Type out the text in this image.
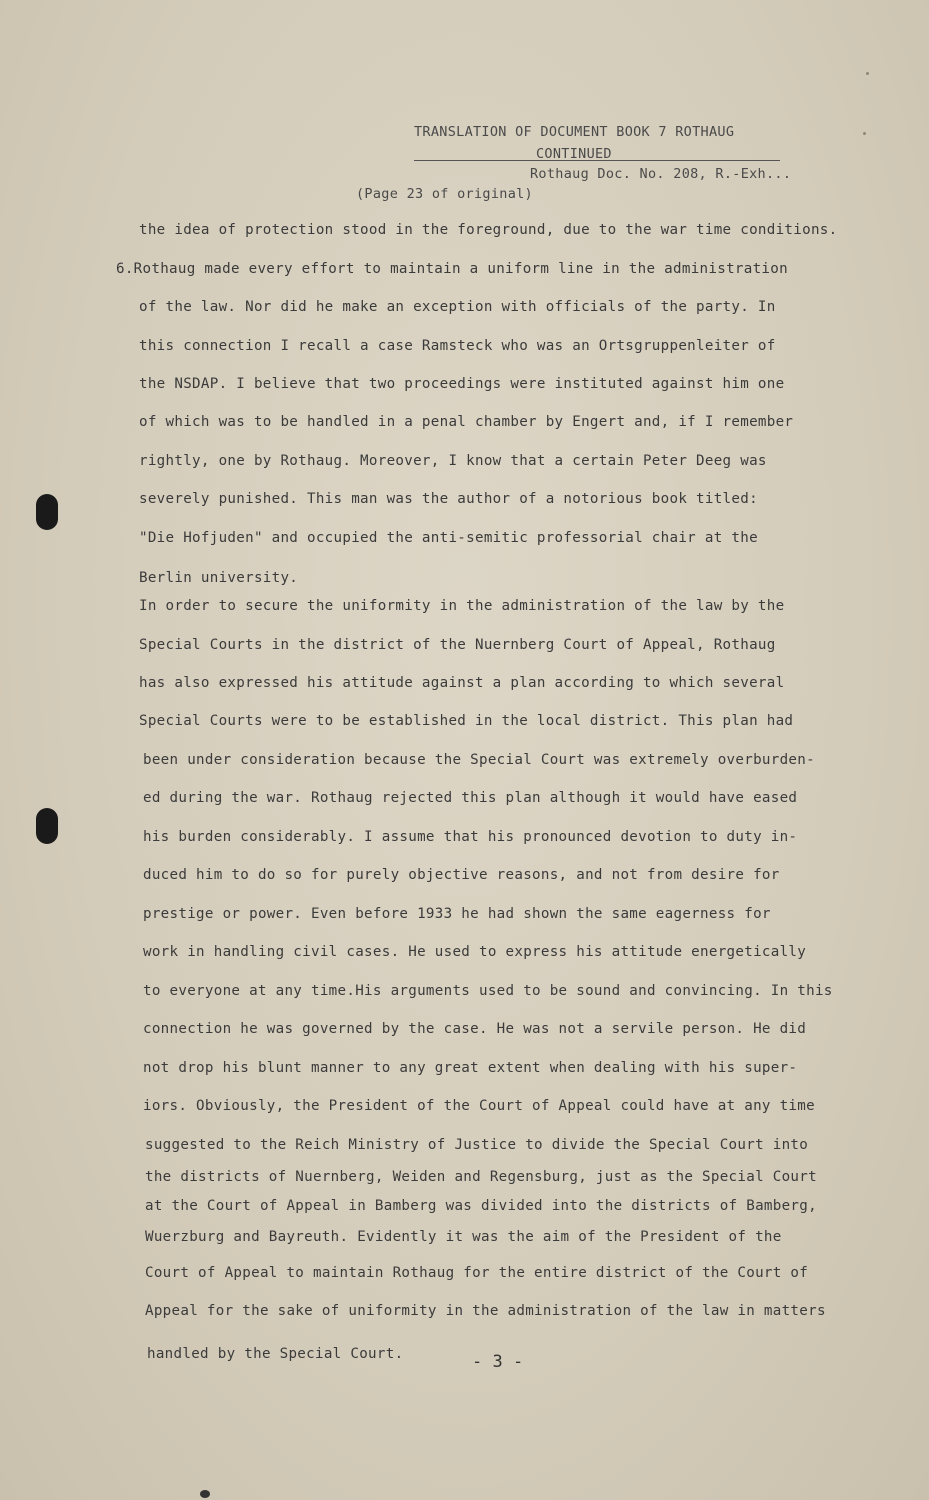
TRANSLATION OF DOCUMENT BOOK 7 ROTHAUG
CONTINUED
Rothaug Doc. No. 208, R.-Exh...
(Page 23 of original)
the idea of protection stood in the foreground, due to the war time conditions.
6.Rothaug made every effort to maintain a uniform line in the administration
of the law. Nor did he make an exception with officials of the party. In
this connection I recall a case Ramsteck who was an Ortsgruppenleiter of
the NSDAP. I believe that two proceedings were instituted against him one
of which was to be handled in a penal chamber by Engert and, if I remember
rightly, one by Rothaug. Moreover, I know that a certain Peter Deeg was
severely punished. This man was the author of a notorious book titled:
"Die Hofjuden" and occupied the anti-semitic professorial chair at the
Berlin university.
In order to secure the uniformity in the administration of the law by the
Special Courts in the district of the Nuernberg Court of Appeal, Rothaug
has also expressed his attitude against a plan according to which several
Special Courts were to be established in the local district. This plan had
been under consideration because the Special Court was extremely overburden-
ed during the war. Rothaug rejected this plan although it would have eased
his burden considerably. I assume that his pronounced devotion to duty in-
duced him to do so for purely objective reasons, and not from desire for
prestige or power. Even before 1933 he had shown the same eagerness for
work in handling civil cases. He used to express his attitude energetically
to everyone at any time.His arguments used to be sound and convincing. In this
connection he was governed by the case. He was not a servile person. He did
not drop his blunt manner to any great extent when dealing with his super-
iors. Obviously, the President of the Court of Appeal could have at any time
suggested to the Reich Ministry of Justice to divide the Special Court into
the districts of Nuernberg, Weiden and Regensburg, just as the Special Court
at the Court of Appeal in Bamberg was divided into the districts of Bamberg,
Wuerzburg and Bayreuth. Evidently it was the aim of the President of the
Court of Appeal to maintain Rothaug for the entire district of the Court of
Appeal for the sake of uniformity in the administration of the law in matters
handled by the Special Court.	- 3 -
